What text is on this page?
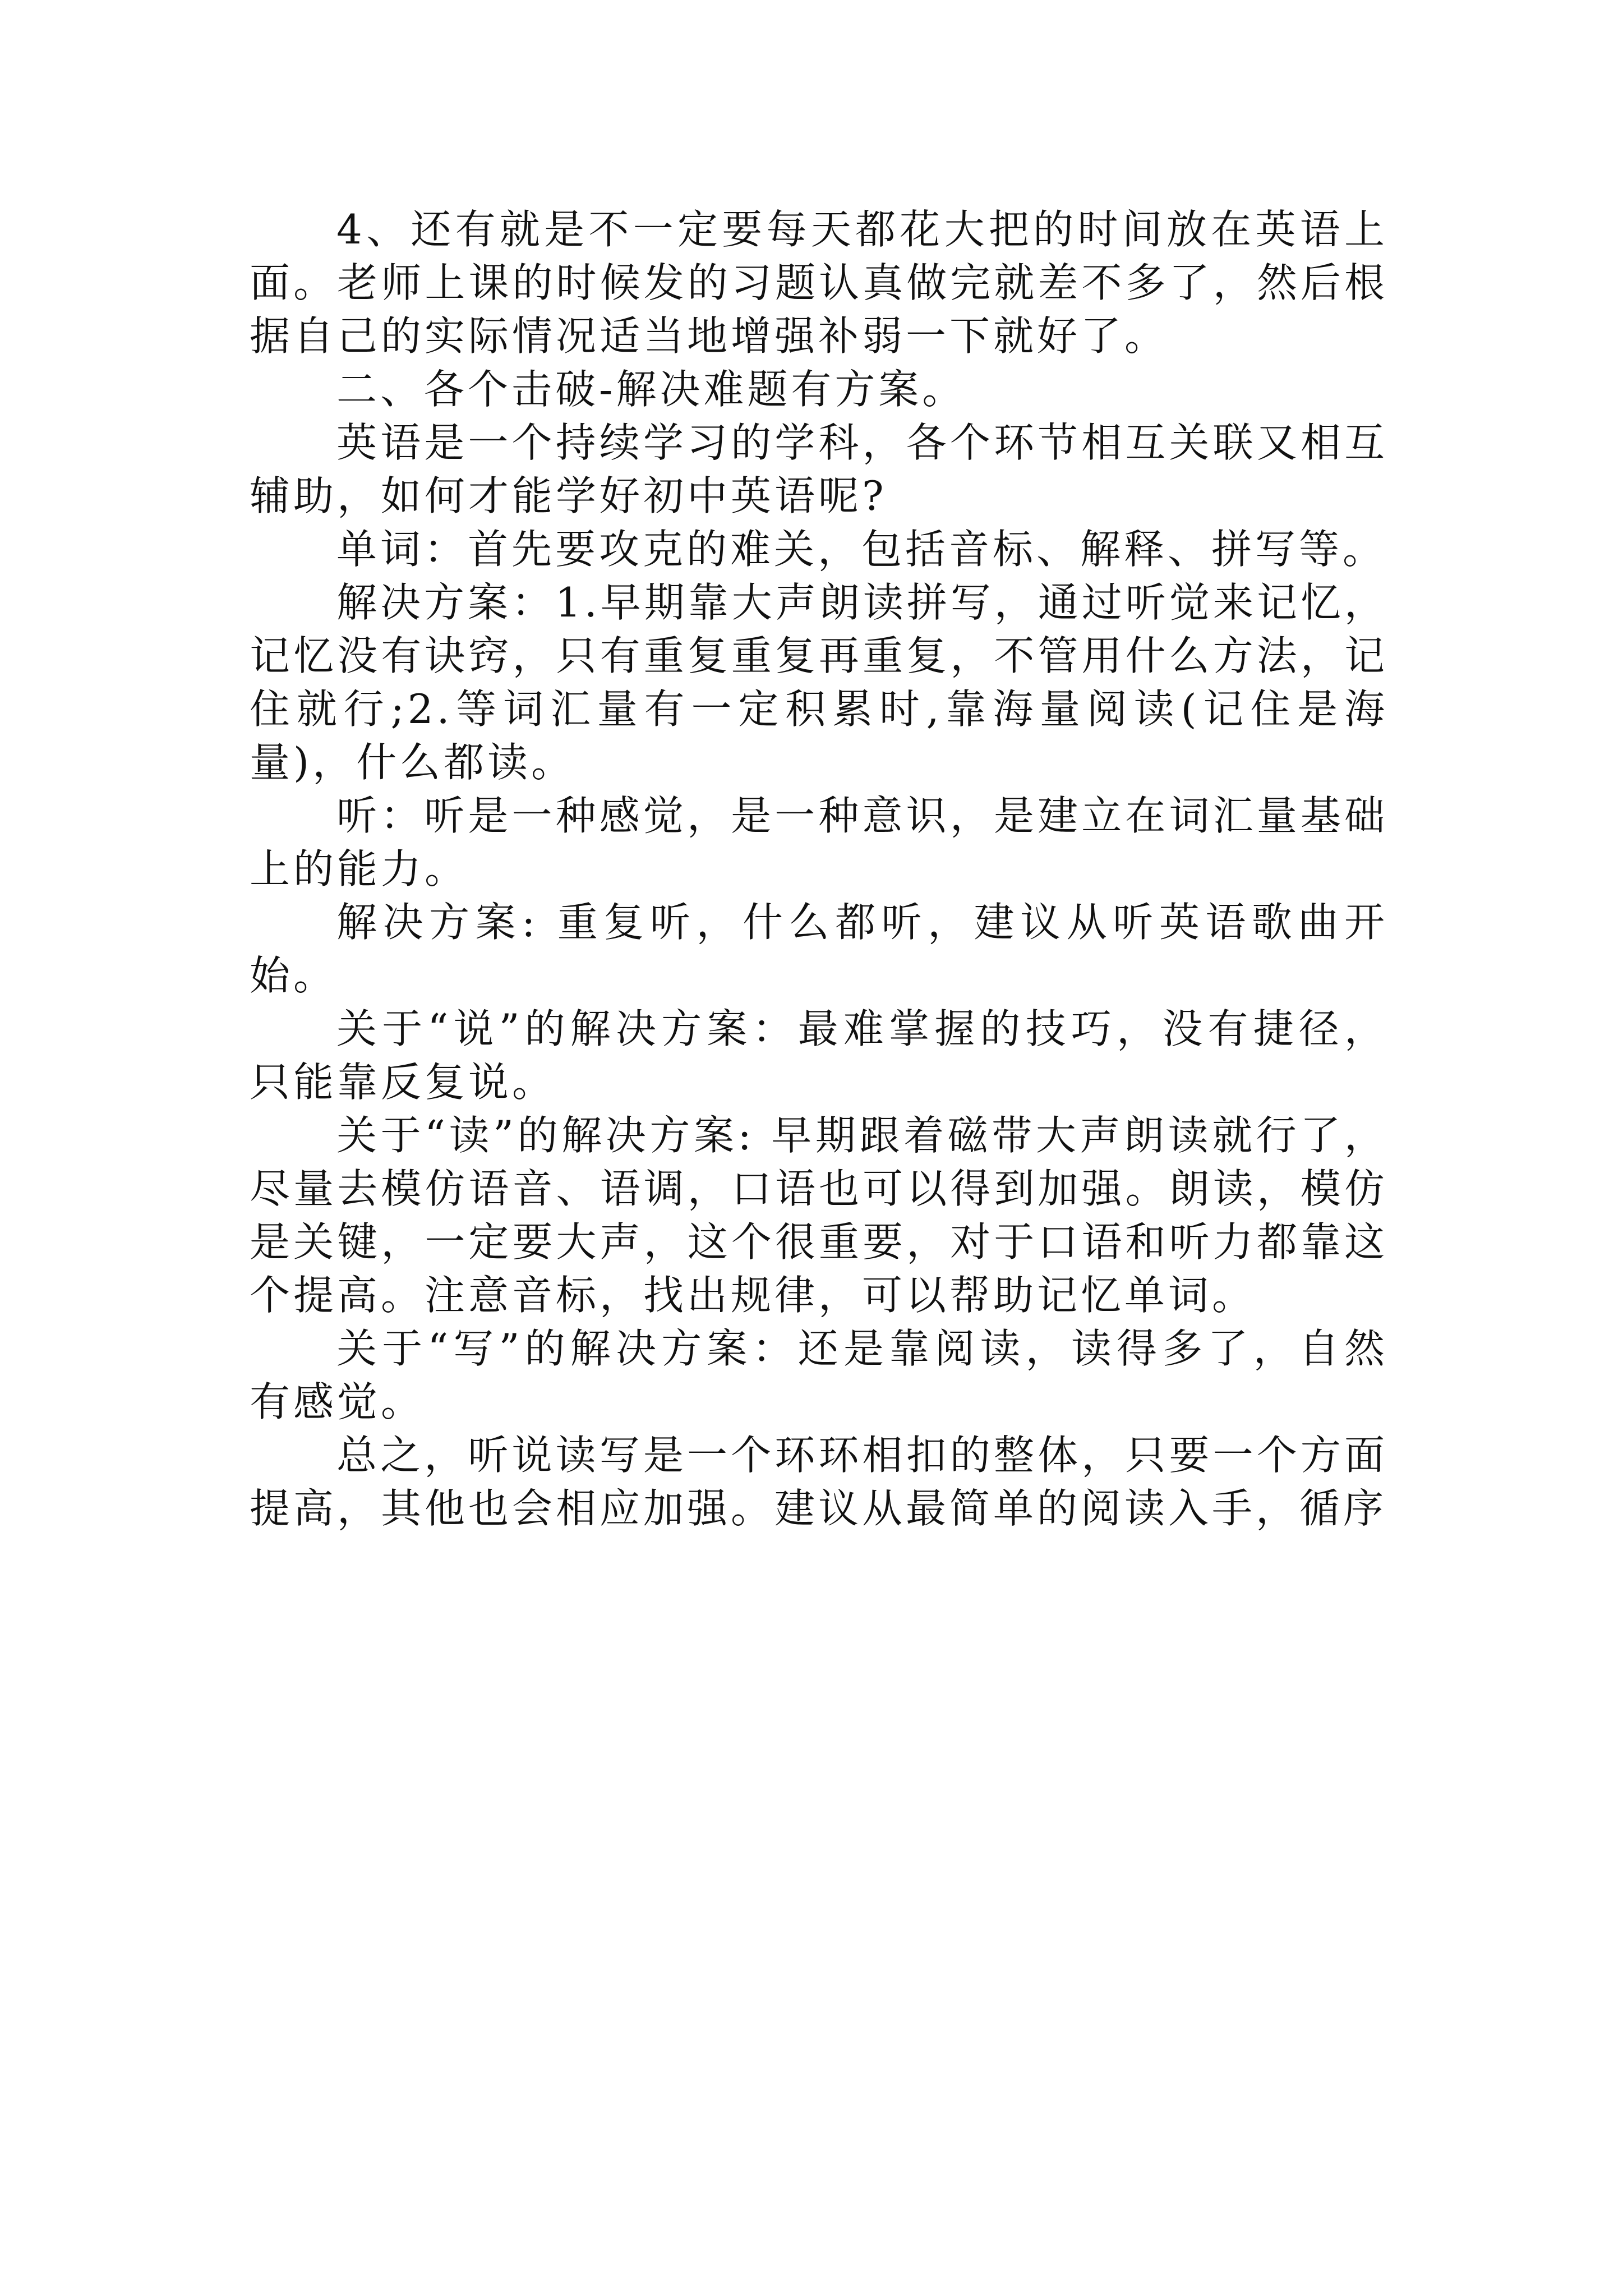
4、还有就是不一定要每天都花大把的时间放在英语上面。老师上课的时候发的习题认真做完就差不多了，然后根据自己的实际情况适当地增强补弱一下就好了。

二、各个击破-解决难题有方案。

英语是一个持续学习的学科，各个环节相互关联又相互辅助，如何才能学好初中英语呢?

单词：首先要攻克的难关，包括音标、解释、拼写等。

解决方案：1.早期靠大声朗读拼写，通过听觉来记忆，记忆没有诀窍，只有重复重复再重复，不管用什么方法，记住就行;2.等词汇量有一定积累时,靠海量阅读(记住是海量)，什么都读。

听：听是一种感觉，是一种意识，是建立在词汇量基础上的能力。

解决方案: 重复听，什么都听，建议从听英语歌曲开始。

关于“说”的解决方案：最难掌握的技巧，没有捷径，只能靠反复说。

关于“读”的解决方案: 早期跟着磁带大声朗读就行了，尽量去模仿语音、语调，口语也可以得到加强。朗读，模仿是关键，一定要大声，这个很重要，对于口语和听力都靠这个提高。注意音标，找出规律，可以帮助记忆单词。

关于“写”的解决方案：还是靠阅读，读得多了，自然有感觉。

总之，听说读写是一个环环相扣的整体，只要一个方面提高，其他也会相应加强。建议从最简单的阅读入手，循序
